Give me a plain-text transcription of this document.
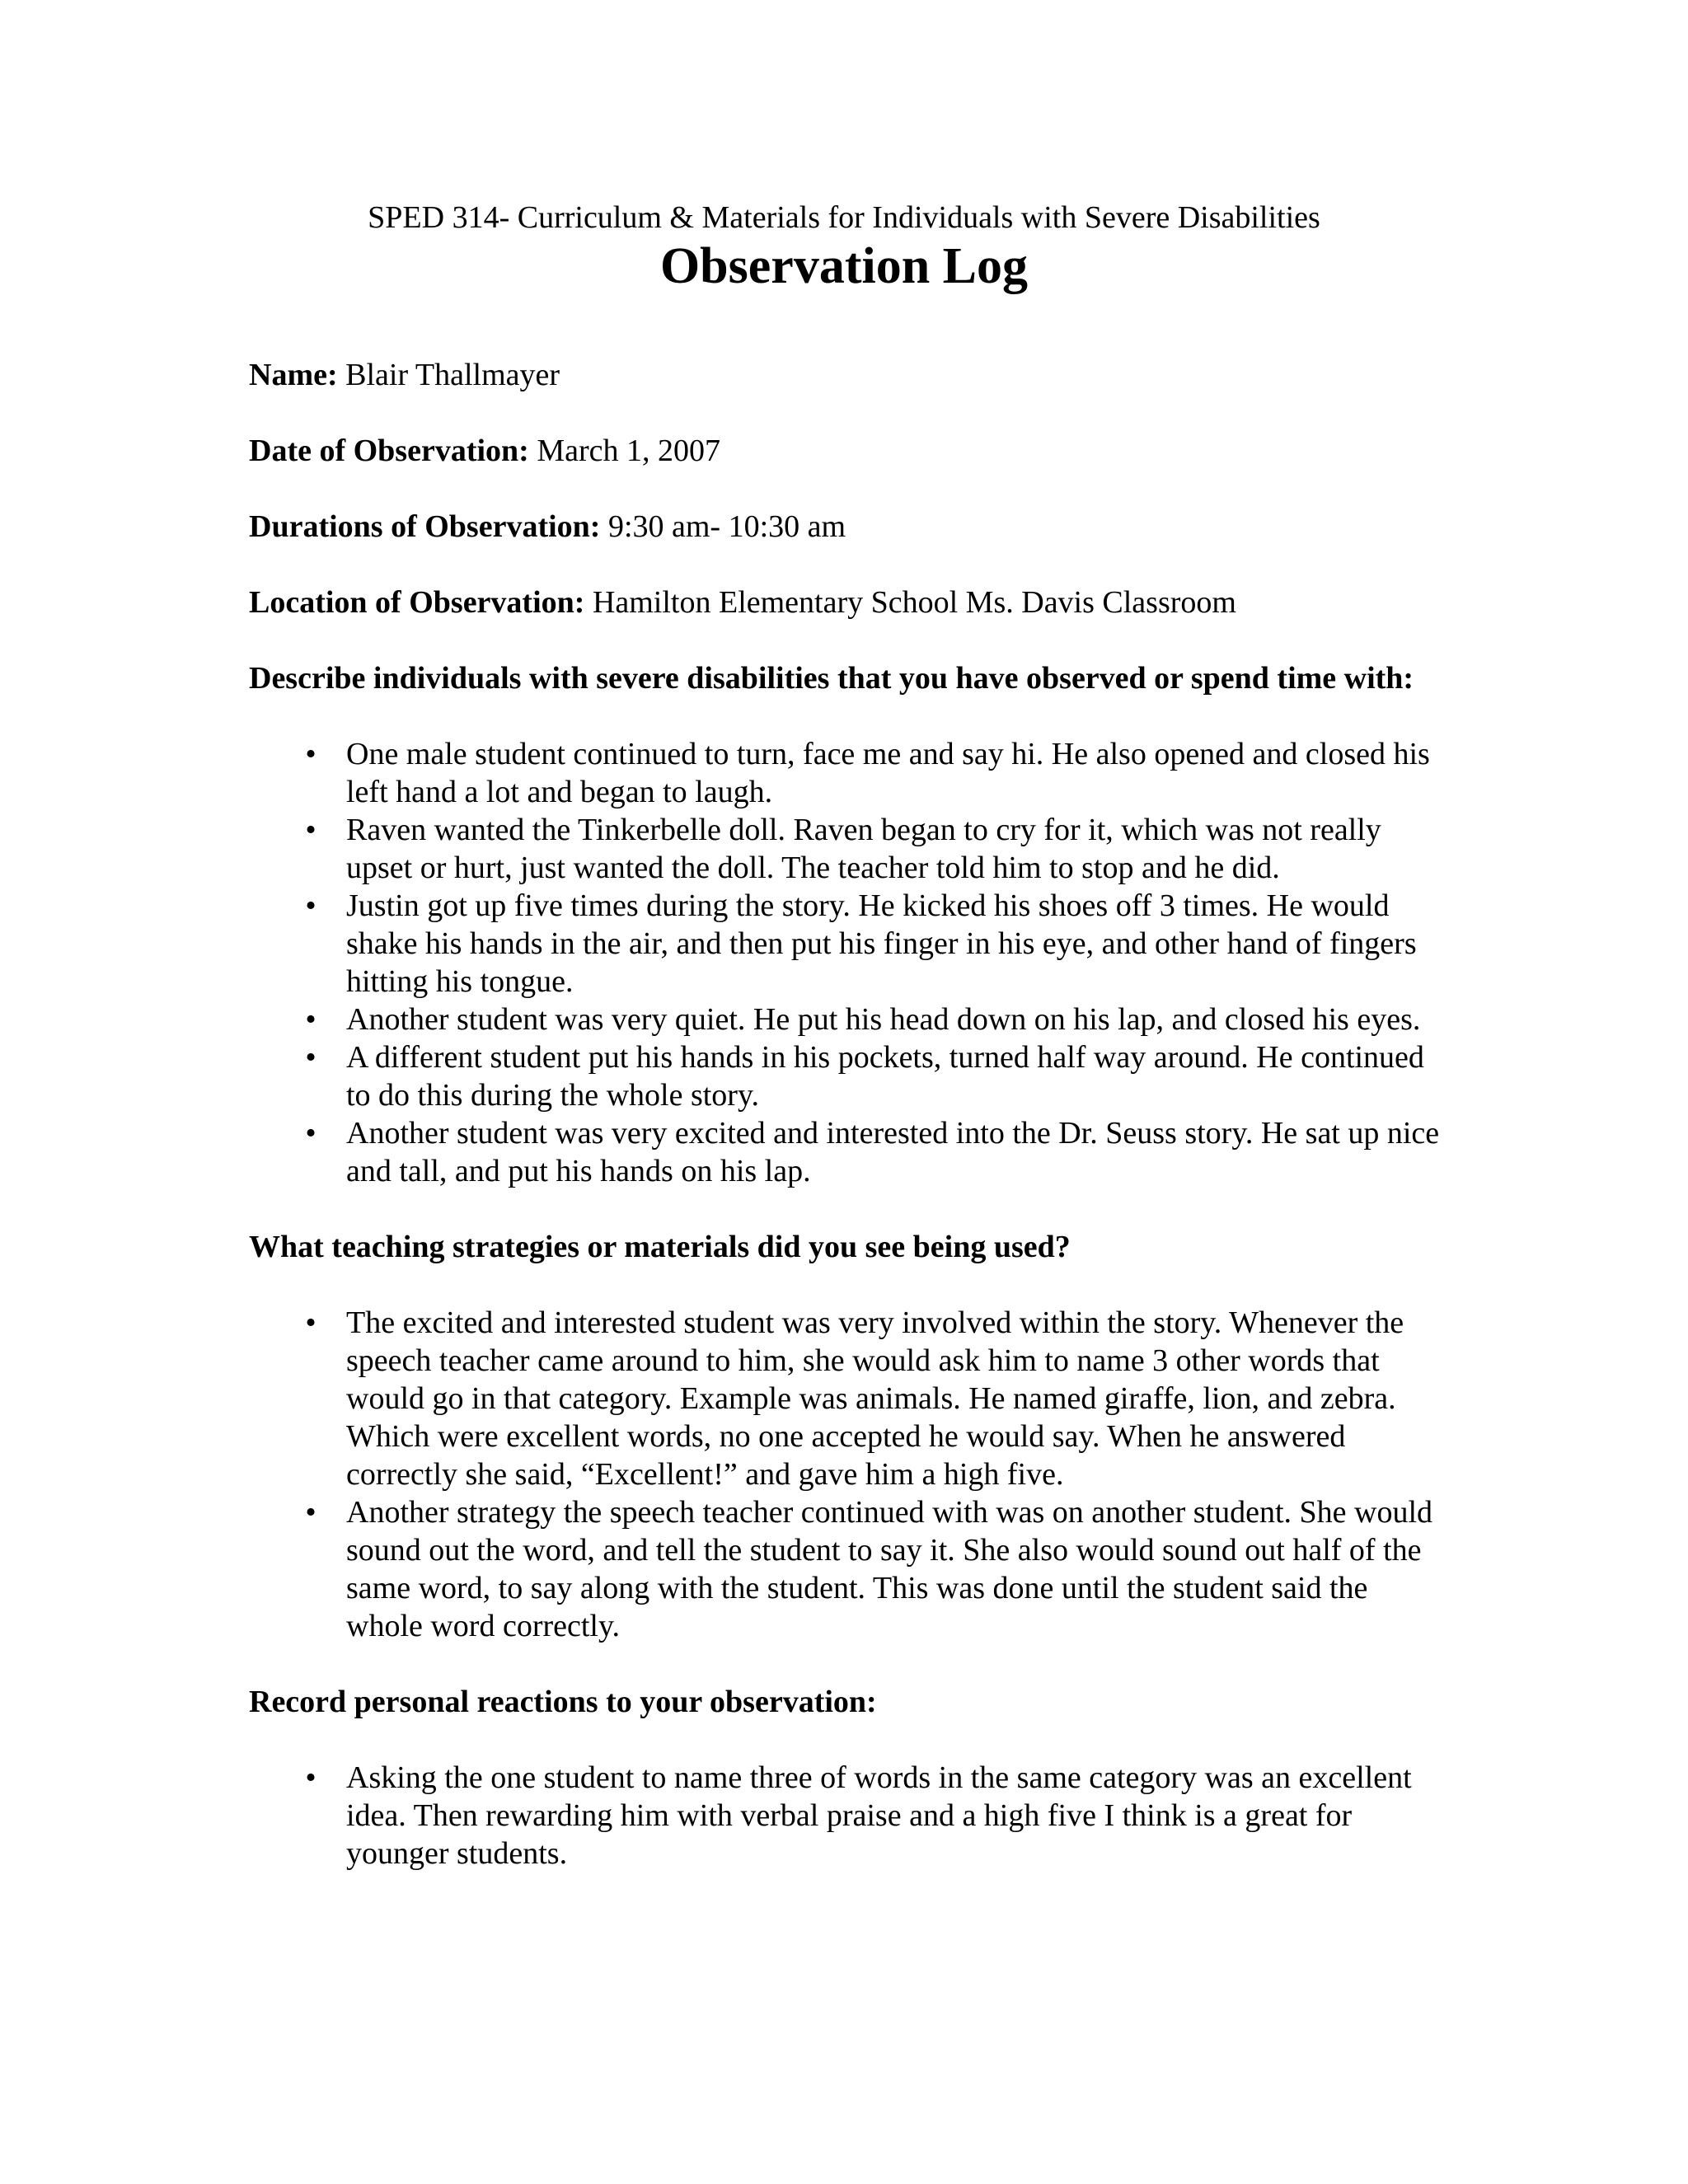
SPED 314- Curriculum & Materials for Individuals with Severe Disabilities
Observation Log
Name: Blair Thallmayer
Date of Observation: March 1, 2007
Durations of Observation: 9:30 am- 10:30 am
Location of Observation: Hamilton Elementary School Ms. Davis Classroom
Describe individuals with severe disabilities that you have observed or spend time with:
• One male student continued to turn, face me and say hi. He also opened and closed his left hand a lot and began to laugh.
• Raven wanted the Tinkerbelle doll. Raven began to cry for it, which was not really upset or hurt, just wanted the doll. The teacher told him to stop and he did.
• Justin got up five times during the story. He kicked his shoes off 3 times. He would shake his hands in the air, and then put his finger in his eye, and other hand of fingers hitting his tongue.
• Another student was very quiet. He put his head down on his lap, and closed his eyes.
• A different student put his hands in his pockets, turned half way around. He continued to do this during the whole story.
• Another student was very excited and interested into the Dr. Seuss story. He sat up nice and tall, and put his hands on his lap.
What teaching strategies or materials did you see being used?
• The excited and interested student was very involved within the story. Whenever the speech teacher came around to him, she would ask him to name 3 other words that would go in that category. Example was animals. He named giraffe, lion, and zebra. Which were excellent words, no one accepted he would say. When he answered correctly she said, “Excellent!” and gave him a high five.
• Another strategy the speech teacher continued with was on another student. She would sound out the word, and tell the student to say it. She also would sound out half of the same word, to say along with the student. This was done until the student said the whole word correctly.
Record personal reactions to your observation:
• Asking the one student to name three of words in the same category was an excellent idea. Then rewarding him with verbal praise and a high five I think is a great for younger students.
